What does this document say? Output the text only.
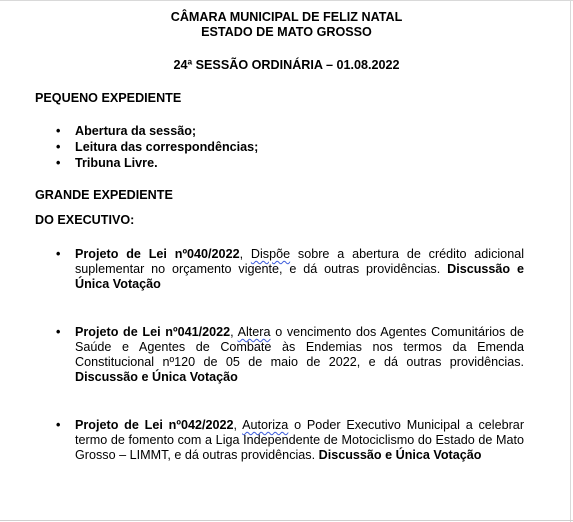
CÂMARA MUNICIPAL DE FELIZ NATAL
ESTADO DE MATO GROSSO
24ª SESSÃO ORDINÁRIA – 01.08.2022
PEQUENO EXPEDIENTE
• Abertura da sessão;
• Leitura das correspondências;
• Tribuna Livre.
GRANDE EXPEDIENTE
DO EXECUTIVO:
• Projeto de Lei nº040/2022, Dispõe sobre a abertura de crédito adicional suplementar no orçamento vigente, e dá outras providências. Discussão e Única Votação
• Projeto de Lei nº041/2022, Altera o vencimento dos Agentes Comunitários de Saúde e Agentes de Combate às Endemias nos termos da Emenda Constitucional nº120 de 05 de maio de 2022, e dá outras providências. Discussão e Única Votação
• Projeto de Lei nº042/2022, Autoriza o Poder Executivo Municipal a celebrar termo de fomento com a Liga Independente de Motociclismo do Estado de Mato Grosso – LIMMT, e dá outras providências. Discussão e Única Votação
